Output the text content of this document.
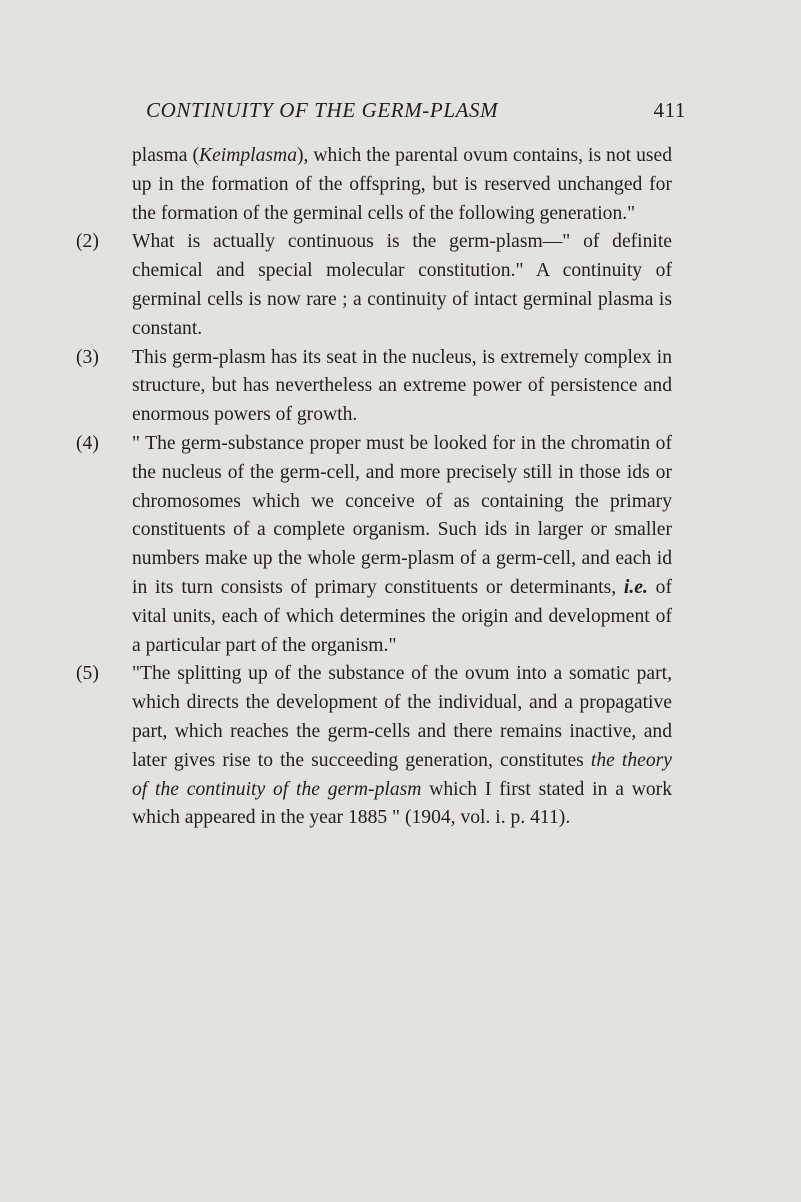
CONTINUITY OF THE GERM-PLASM	411

plasma (Keimplasma), which the parental ovum contains, is not used up in the formation of the offspring, but is reserved unchanged for the formation of the germinal cells of the following generation."

(2) What is actually continuous is the germ-plasm—" of definite chemical and special molecular constitution." A continuity of germinal cells is now rare ; a continuity of intact germinal plasma is constant.

(3) This germ-plasm has its seat in the nucleus, is extremely complex in structure, but has nevertheless an extreme power of persistence and enormous powers of growth.

(4) " The germ-substance proper must be looked for in the chromatin of the nucleus of the germ-cell, and more precisely still in those ids or chromosomes which we conceive of as containing the primary constituents of a complete organism. Such ids in larger or smaller numbers make up the whole germ-plasm of a germ-cell, and each id in its turn consists of primary constituents or determinants, i.e. of vital units, each of which determines the origin and development of a particular part of the organism."

(5) "The splitting up of the substance of the ovum into a somatic part, which directs the development of the individual, and a propagative part, which reaches the germ-cells and there remains inactive, and later gives rise to the succeeding generation, constitutes the theory of the continuity of the germ-plasm which I first stated in a work which appeared in the year 1885 " (1904, vol. i. p. 411).
